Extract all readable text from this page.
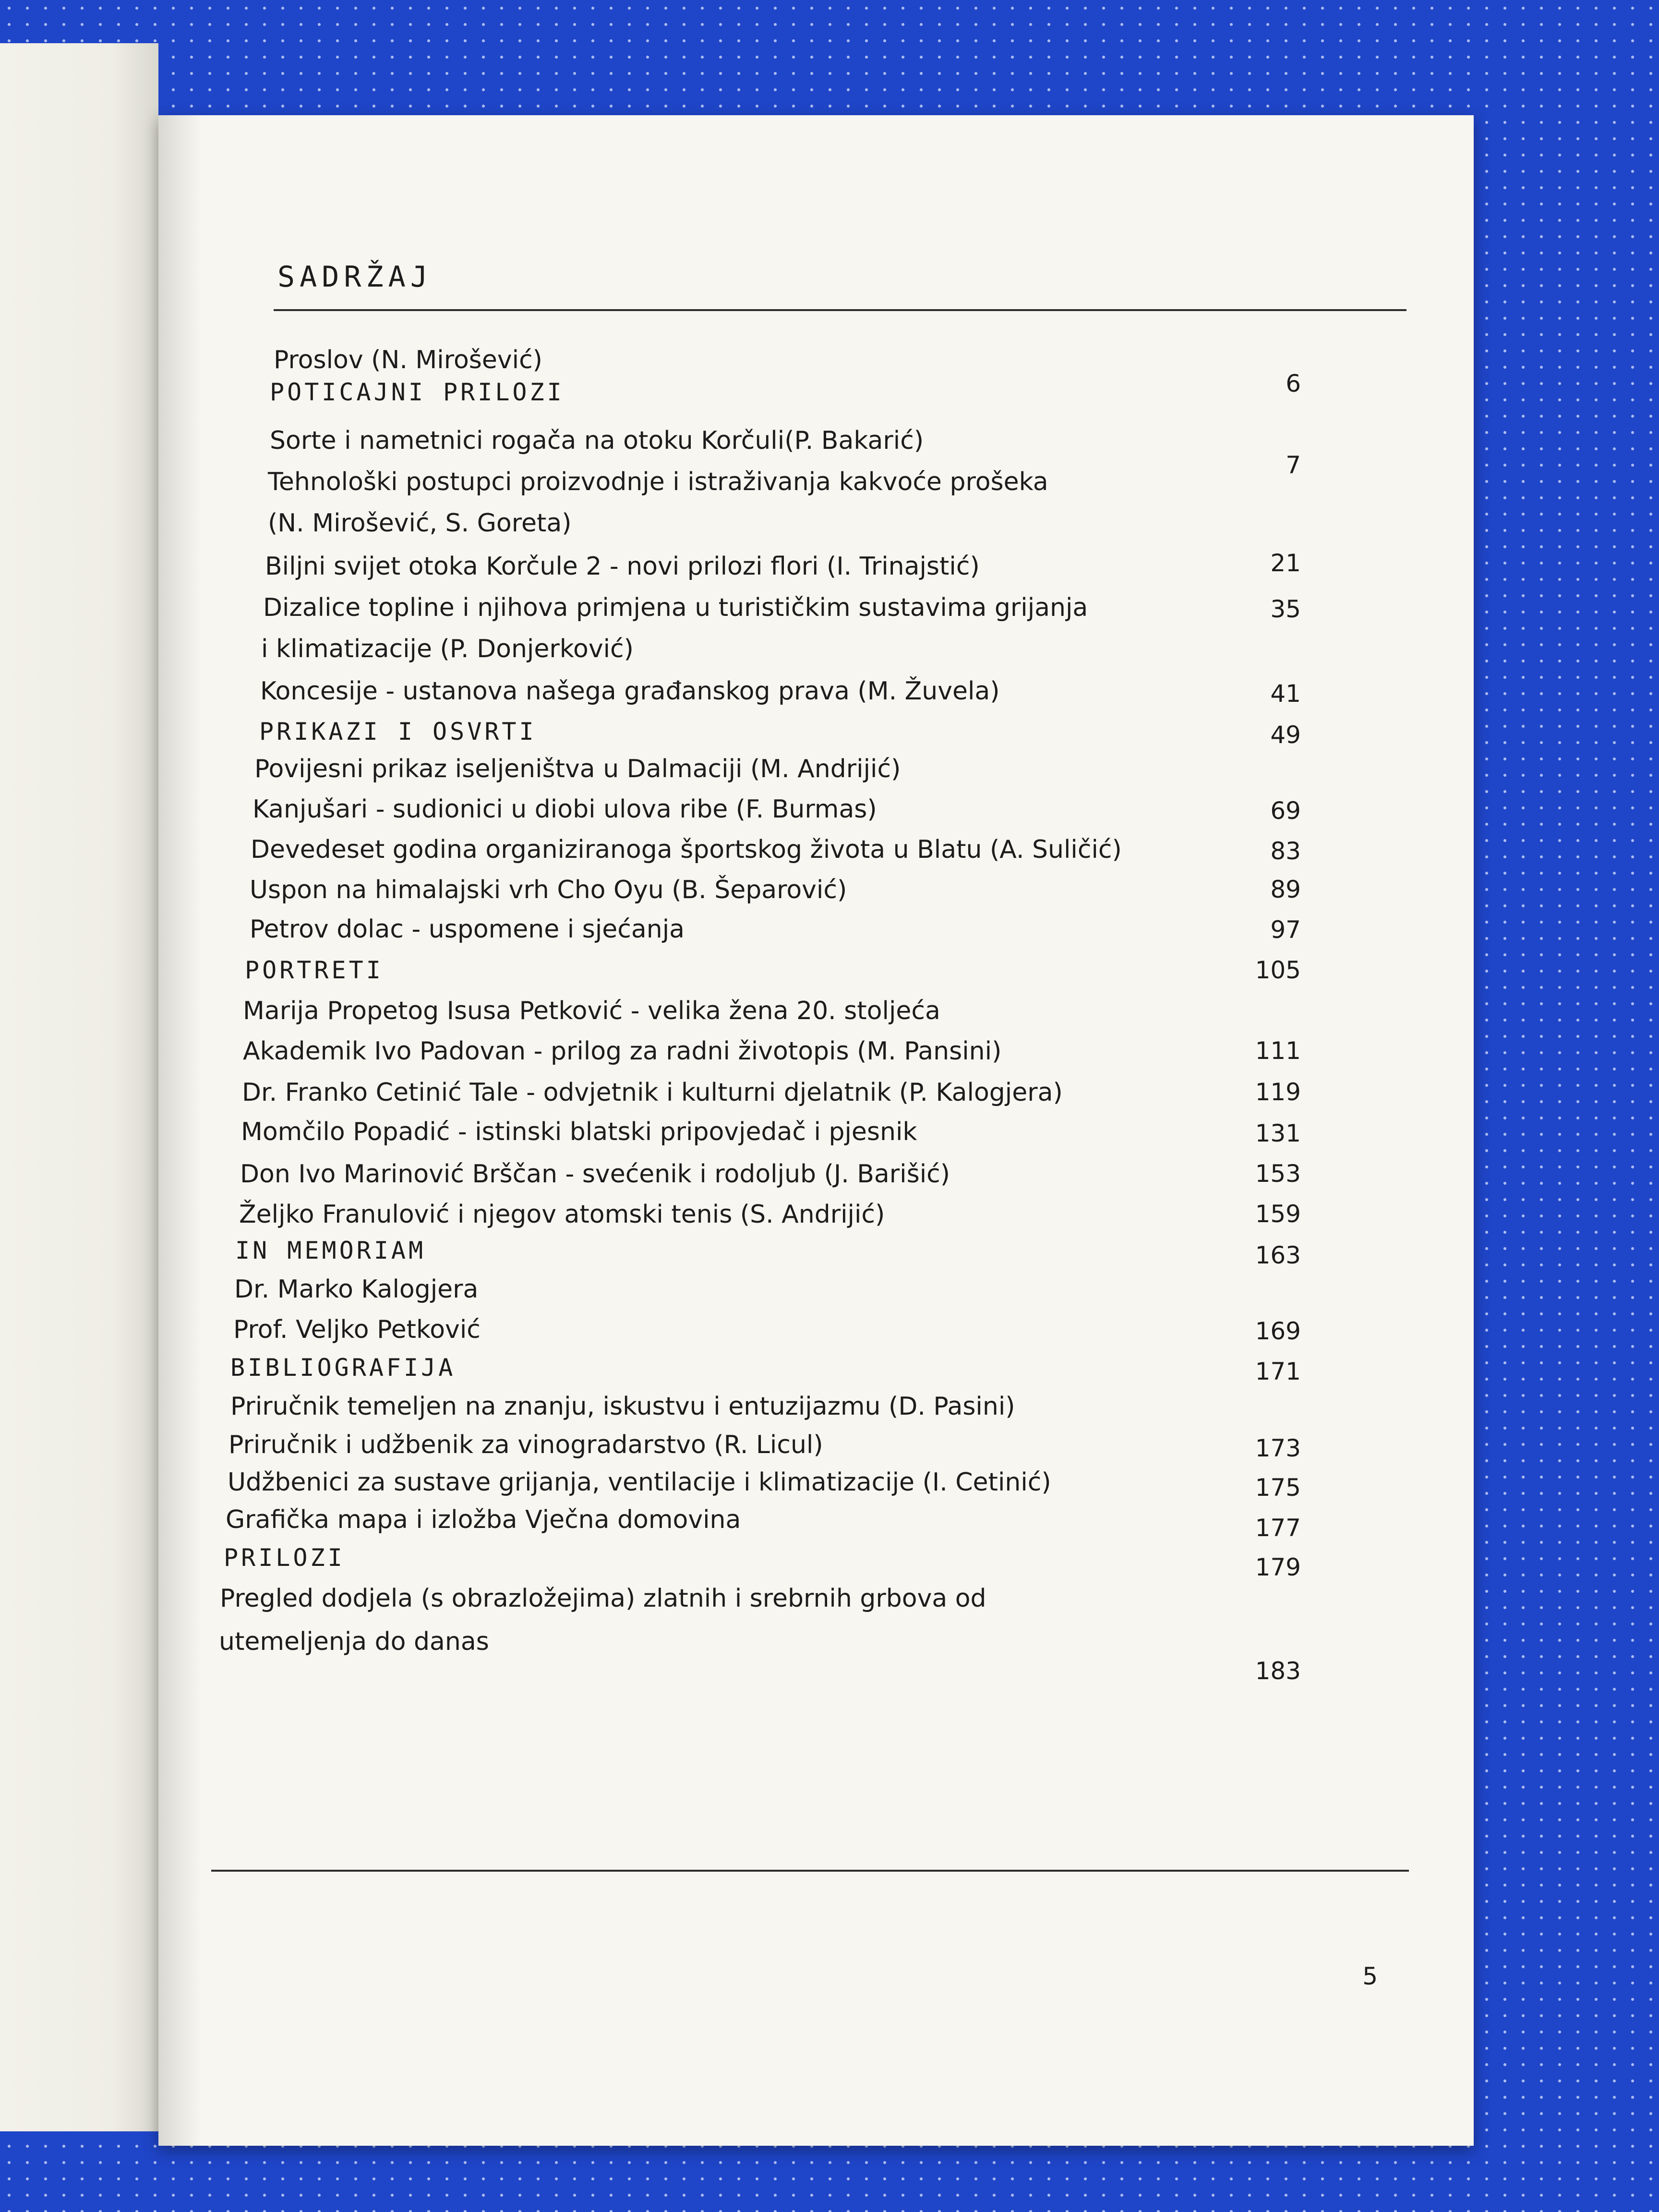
SADRŽAJ
Proslov (N. Mirošević)
6
POTICAJNI PRILOZI
Sorte i nametnici rogača na otoku Korčuli(P. Bakarić)
7
Tehnološki postupci proizvodnje i istraživanja kakvoće prošeka
(N. Mirošević, S. Goreta)
21
Biljni svijet otoka Korčule 2 - novi prilozi flori (I. Trinajstić)
35
Dizalice topline i njihova primjena u turističkim sustavima grijanja
i klimatizacije (P. Donjerković)
41
Koncesije - ustanova našega građanskog prava (M. Žuvela)
49
PRIKAZI I OSVRTI
Povijesni prikaz iseljeništva u Dalmaciji (M. Andrijić)
69
Kanjušari - sudionici u diobi ulova ribe (F. Burmas)
83
Devedeset godina organiziranoga športskog života u Blatu (A. Suličić)
89
Uspon na himalajski vrh Cho Oyu (B. Šeparović)
97
Petrov dolac - uspomene i sjećanja
105
PORTRETI
Marija Propetog Isusa Petković - velika žena 20. stoljeća
111
Akademik Ivo Padovan - prilog za radni životopis (M. Pansini)
119
Dr. Franko Cetinić Tale - odvjetnik i kulturni djelatnik (P. Kalogjera)
131
Momčilo Popadić - istinski blatski pripovjedač i pjesnik
153
Don Ivo Marinović Brščan - svećenik i rodoljub (J. Barišić)
159
Željko Franulović i njegov atomski tenis (S. Andrijić)
163
IN MEMORIAM
Dr. Marko Kalogjera
169
Prof. Veljko Petković
171
BIBLIOGRAFIJA
Priručnik temeljen na znanju, iskustvu i entuzijazmu (D. Pasini)
173
Priručnik i udžbenik za vinogradarstvo (R. Licul)
175
Udžbenici za sustave grijanja, ventilacije i klimatizacije (I. Cetinić)
177
Grafička mapa i izložba Vječna domovina
179
PRILOZI
Pregled dodjela (s obrazložejima) zlatnih i srebrnih grbova od
utemeljenja do danas
183
5
